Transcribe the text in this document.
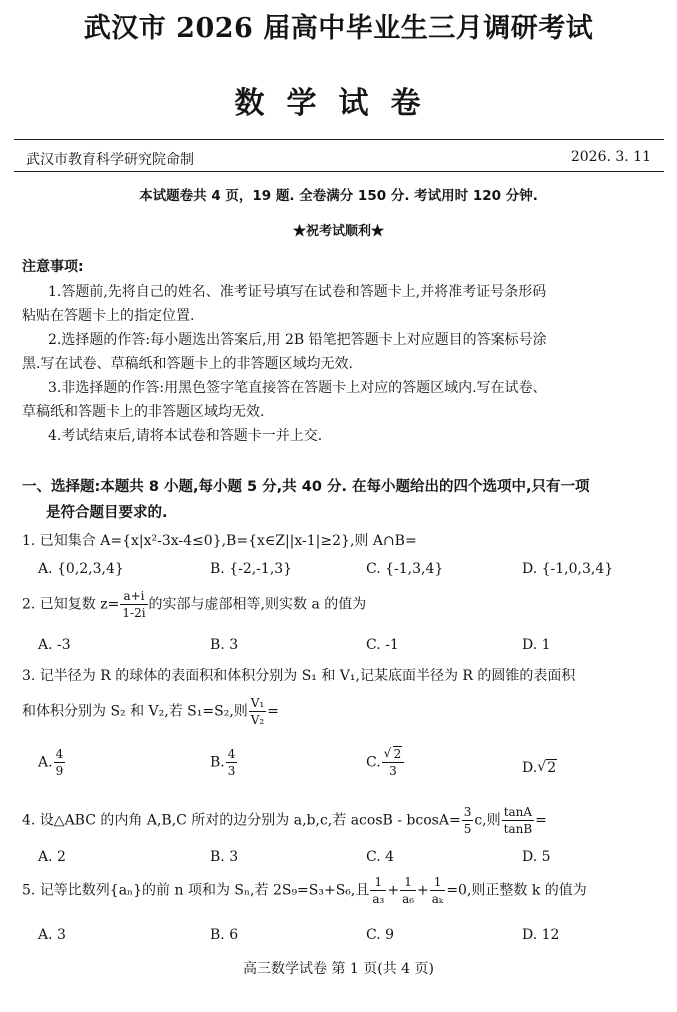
武汉市 2026 届高中毕业生三月调研考试
数学试卷
武汉市教育科学研究院命制	2026. 3. 11
本试题卷共 4 页，19 题. 全卷满分 150 分. 考试用时 120 分钟.
★祝考试顺利★
注意事项:
1.答题前,先将自己的姓名、准考证号填写在试卷和答题卡上,并将准考证号条形码
粘贴在答题卡上的指定位置.
2.选择题的作答:每小题选出答案后,用 2B 铅笔把答题卡上对应题目的答案标号涂
黑.写在试卷、草稿纸和答题卡上的非答题区域均无效.
3.非选择题的作答:用黑色签字笔直接答在答题卡上对应的答题区域内.写在试卷、
草稿纸和答题卡上的非答题区域均无效.
4.考试结束后,请将本试卷和答题卡一并上交.
一、选择题:本题共 8 小题,每小题 5 分,共 40 分. 在每小题给出的四个选项中,只有一项
是符合题目要求的.
1. 已知集合 A={x|x²-3x-4≤0},B={x∈Z||x-1|≥2},则 A∩B=
A. {0,2,3,4}	B. {-2,-1,3}	C. {-1,3,4}	D. {-1,0,3,4}
2. 已知复数 $z= \frac{a+i}{1-2i}$ 的实部与虚部相等,则实数 a 的值为
A. -3	B. 3	C. -1	D. 1
3. 记半径为 R 的球体的表面积和体积分别为 S₁ 和 V₁,记某底面半径为 R 的圆锥的表面积
和体积分别为 S₂ 和 V₂,若 S₁=S₂,则 $\frac{\text{V₁}}{\text{V₂}}$ =
A. $\frac{4}{9}$	B. $\frac{4}{3}$	C. $\frac{√ 2}{3}$	D. √ 2
4. 设△ABC 的内角 A,B,C 所对的边分别为 a,b,c,若 $acosB - bcosA= \frac{3}{5} c$,则 $\frac{\tan A}{\tan B}$ =
A. 2	B. 3	C. 4	D. 5
5. 记等比数列{aₙ}的前 n 项和为 Sₙ,若 2S₉=S₃+S₆,且 $\frac{1}{\text{a₃}} + \frac{1}{\text{a₆}} + \frac{1}{\text{aₖ}} =0$,则正整数 k 的值为
A. 3	B. 6	C. 9	D. 12
高三数学试卷 第 1 页(共 4 页)
